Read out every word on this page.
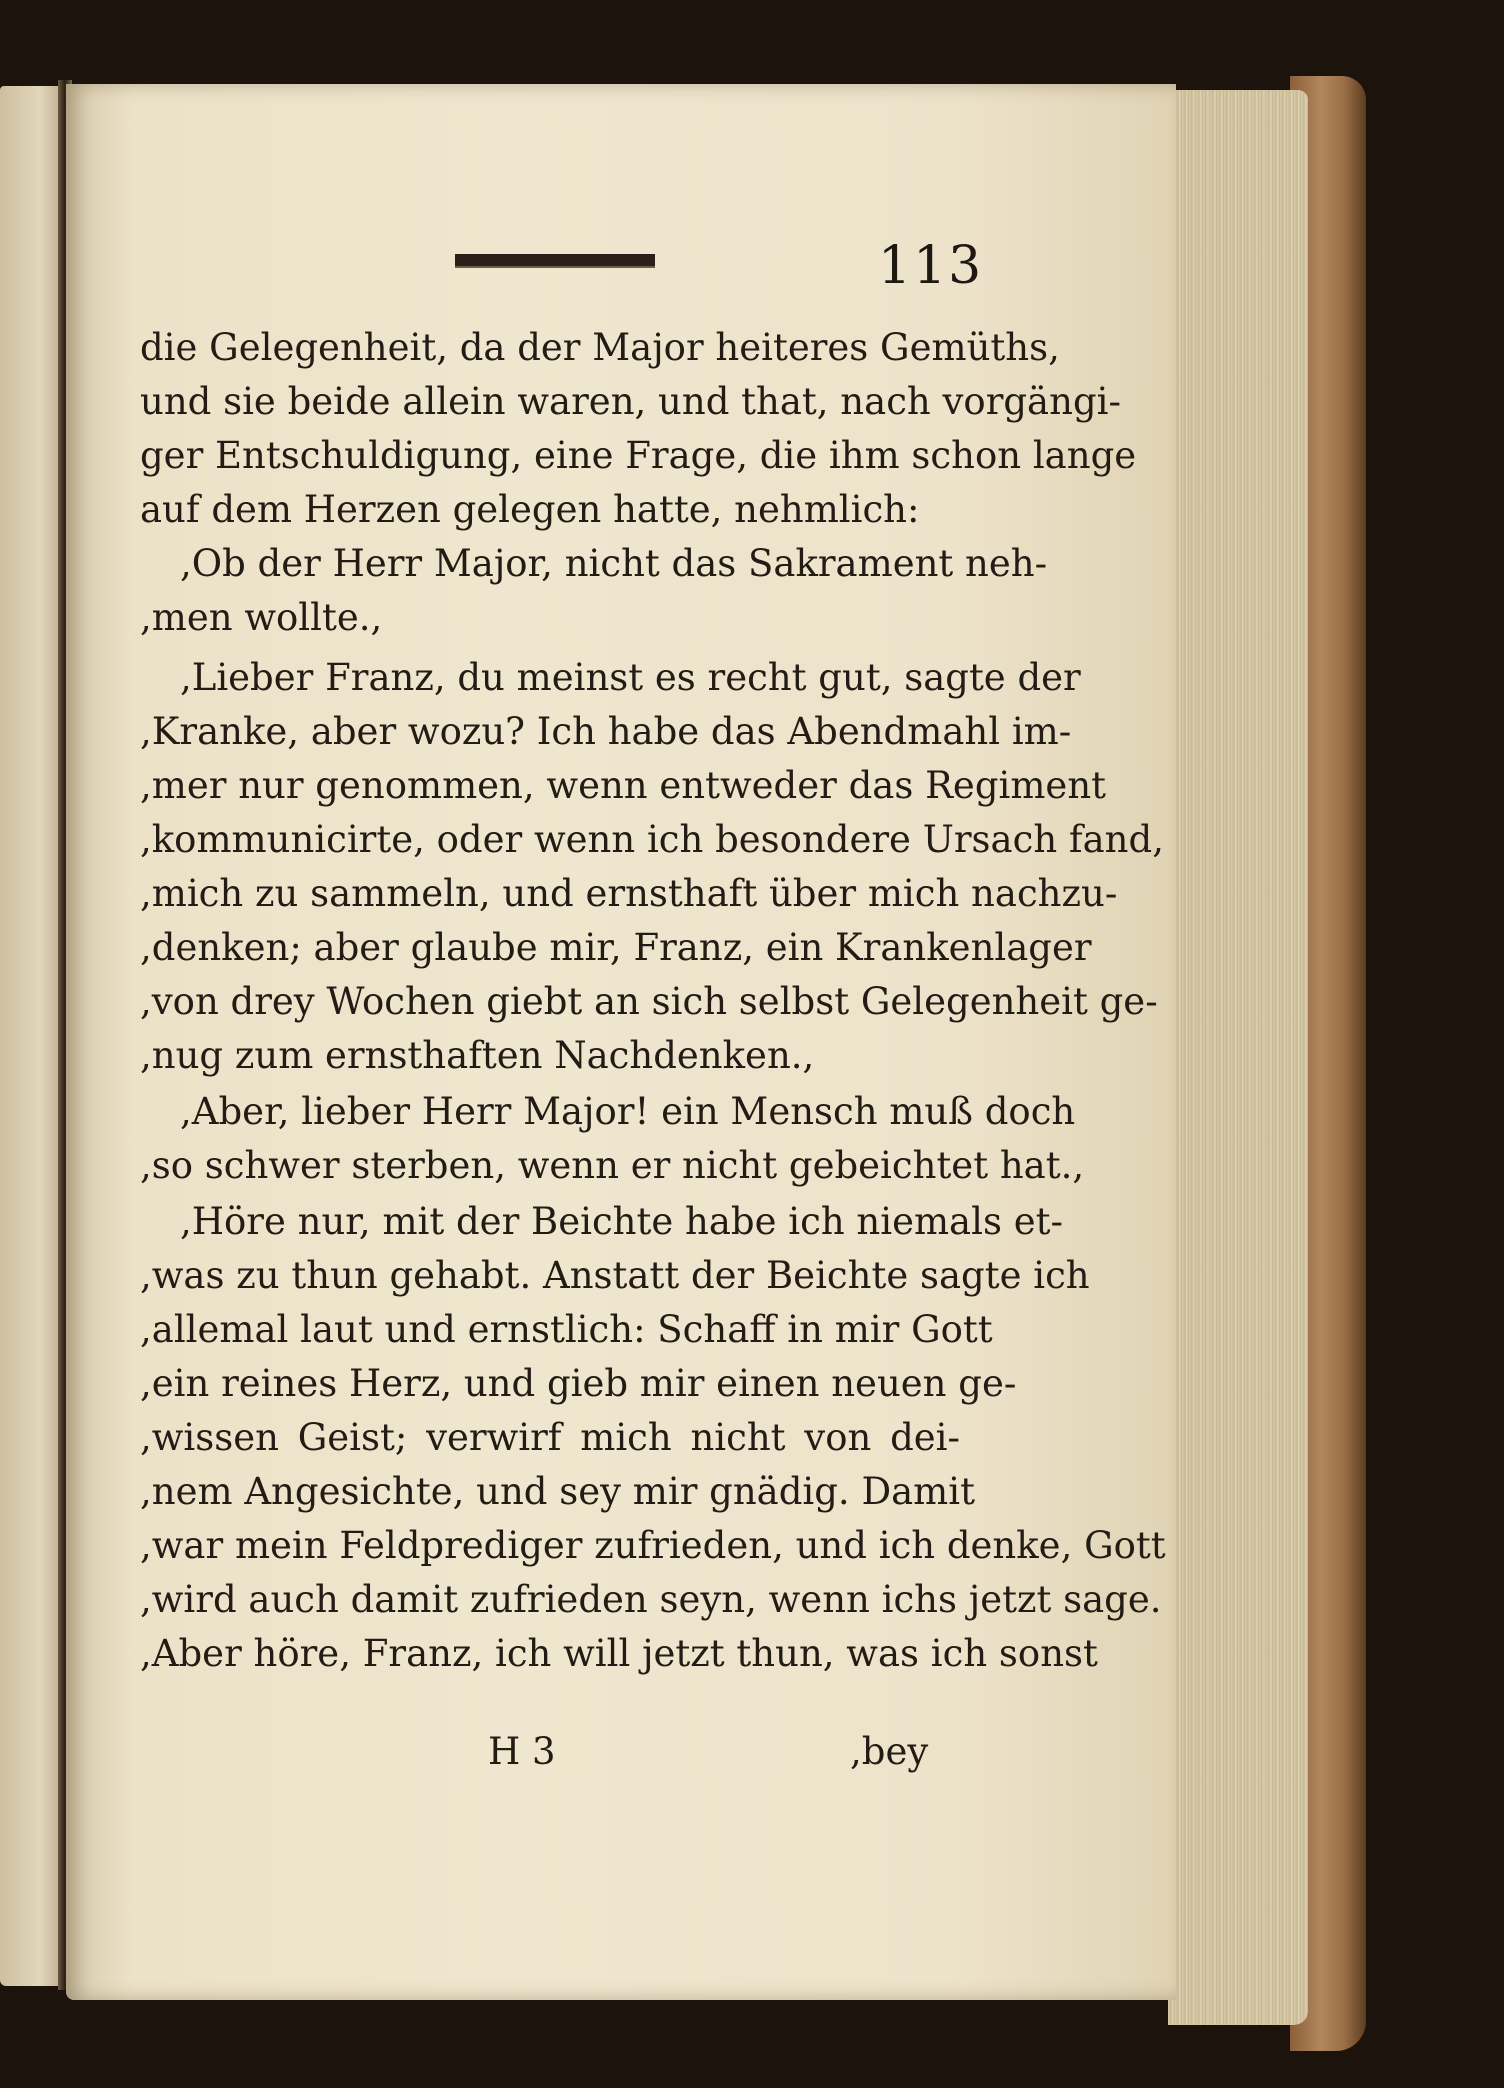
113
die Gelegenheit, da der Major heiteres Gemüths,
und sie beide allein waren, und that, nach vorgängi-
ger Entschuldigung, eine Frage, die ihm schon lange
auf dem Herzen gelegen hatte, nehmlich:
,Ob der Herr Major, nicht das Sakrament neh-
,men wollte.,
,Lieber Franz, du meinst es recht gut, sagte der
,Kranke, aber wozu? Ich habe das Abendmahl im-
,mer nur genommen, wenn entweder das Regiment
,kommunicirte, oder wenn ich besondere Ursach fand,
,mich zu sammeln, und ernsthaft über mich nachzu-
,denken; aber glaube mir, Franz, ein Krankenlager
,von drey Wochen giebt an sich selbst Gelegenheit ge-
,nug zum ernsthaften Nachdenken.,
,Aber, lieber Herr Major! ein Mensch muß doch
,so schwer sterben, wenn er nicht gebeichtet hat.,
,Höre nur, mit der Beichte habe ich niemals et-
,was zu thun gehabt. Anstatt der Beichte sagte ich
,allemal laut und ernstlich: Schaff in mir Gott
,ein reines Herz, und gieb mir einen neuen ge-
,wissen Geist; verwirf mich nicht von dei-
,nem Angesichte, und sey mir gnädig. Damit
,war mein Feldprediger zufrieden, und ich denke, Gott
,wird auch damit zufrieden seyn, wenn ichs jetzt sage.
,Aber höre, Franz, ich will jetzt thun, was ich sonst
H 3	,bey
